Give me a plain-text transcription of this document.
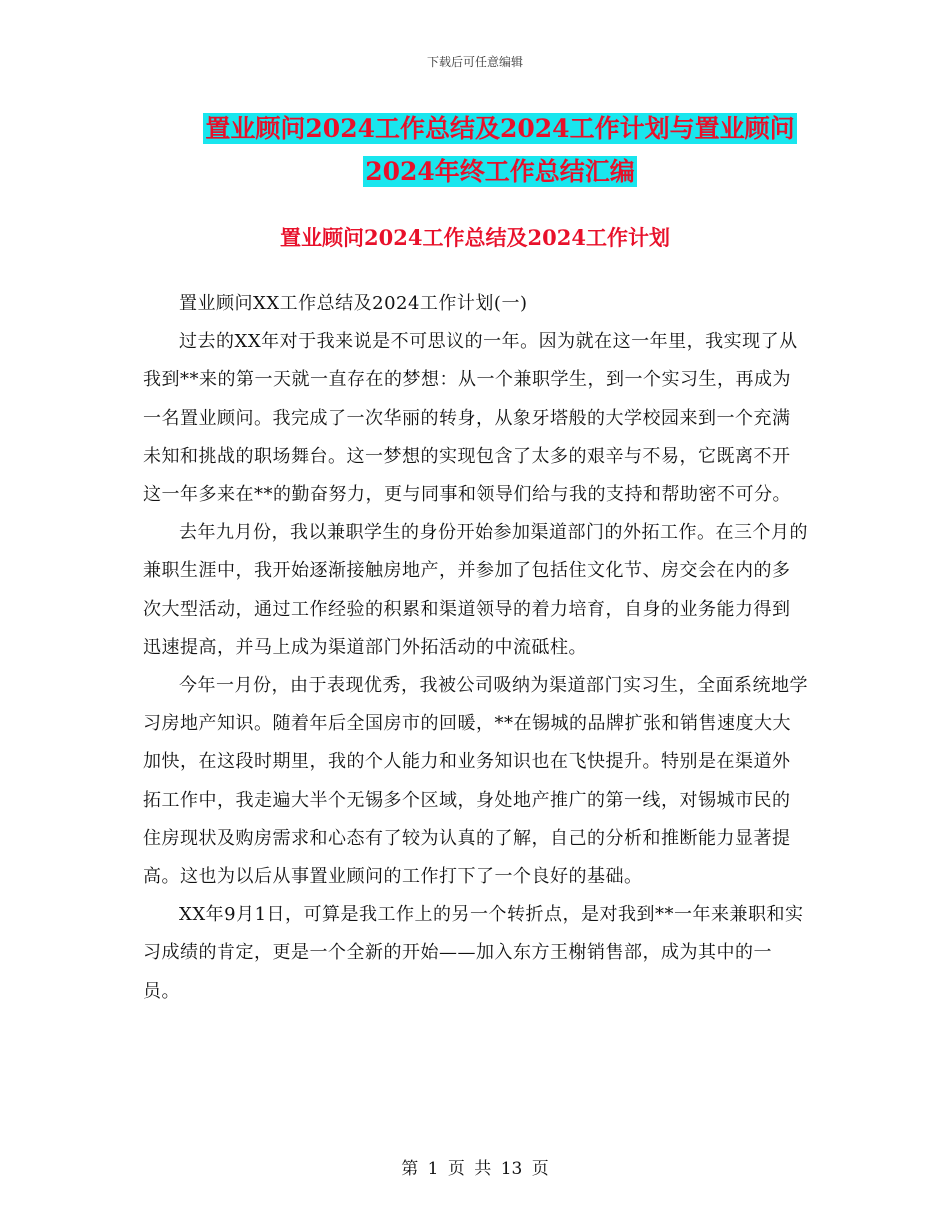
下载后可任意编辑
置业顾问2024工作总结及2024工作计划与置业顾问
2024年终工作总结汇编
置业顾问2024工作总结及2024工作计划

置业顾问XX工作总结及2024工作计划(一)

过去的XX年对于我来说是不可思议的一年。因为就在这一年里，我实现了从我到**来的第一天就一直存在的梦想：从一个兼职学生，到一个实习生，再成为一名置业顾问。我完成了一次华丽的转身，从象牙塔般的大学校园来到一个充满未知和挑战的职场舞台。这一梦想的实现包含了太多的艰辛与不易，它既离不开这一年多来在**的勤奋努力，更与同事和领导们给与我的支持和帮助密不可分。

去年九月份，我以兼职学生的身份开始参加渠道部门的外拓工作。在三个月的兼职生涯中，我开始逐渐接触房地产，并参加了包括住文化节、房交会在内的多次大型活动，通过工作经验的积累和渠道领导的着力培育，自身的业务能力得到迅速提高，并马上成为渠道部门外拓活动的中流砥柱。

今年一月份，由于表现优秀，我被公司吸纳为渠道部门实习生，全面系统地学习房地产知识。随着年后全国房市的回暖，**在锡城的品牌扩张和销售速度大大加快，在这段时期里，我的个人能力和业务知识也在飞快提升。特别是在渠道外拓工作中，我走遍大半个无锡多个区域，身处地产推广的第一线，对锡城市民的住房现状及购房需求和心态有了较为认真的了解，自己的分析和推断能力显著提高。这也为以后从事置业顾问的工作打下了一个良好的基础。

XX年9月1日，可算是我工作上的另一个转折点，是对我到**一年来兼职和实习成绩的肯定，更是一个全新的开始——加入东方王榭销售部，成为其中的一员。

第 1 页 共 13 页
